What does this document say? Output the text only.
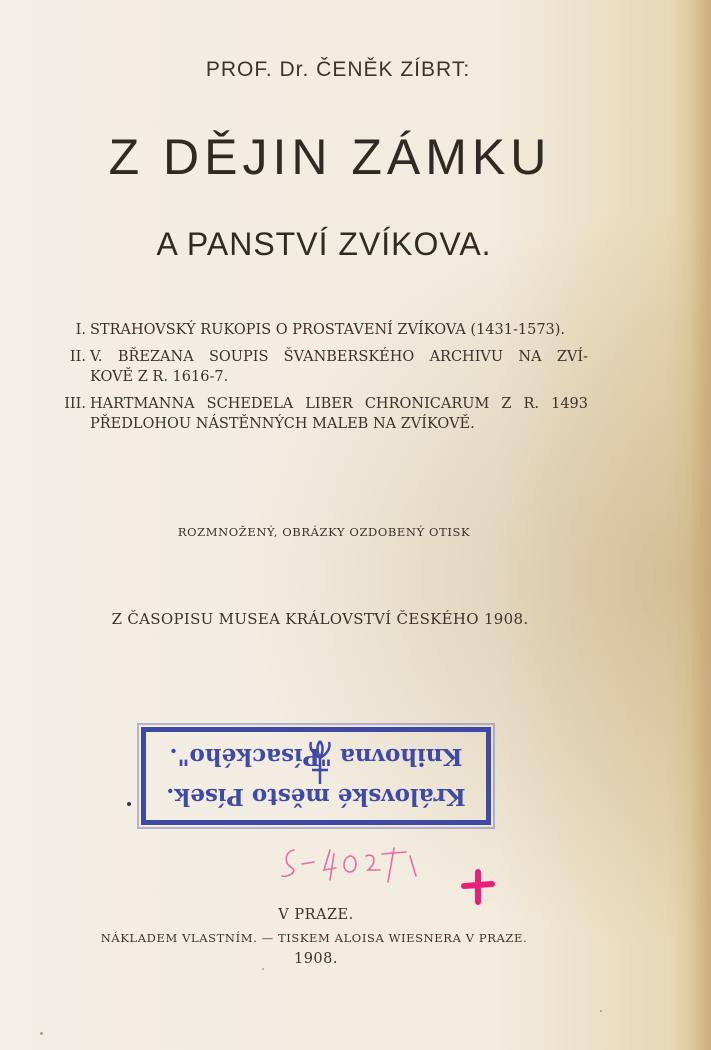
PROF. Dr. ČENĚK ZÍBRT:
Z DĚJIN ZÁMKU
A PANSTVÍ ZVÍKOVA.
I. STRAHOVSKÝ RUKOPIS O PROSTAVENÍ ZVÍKOVA (1431-1573).
II. V. BŘEZANA SOUPIS ŠVANBERSKÉHO ARCHIVU NA ZVÍ-
KOVĚ Z R. 1616-7.
III. HARTMANNA SCHEDELA LIBER CHRONICARUM Z R. 1493
PŘEDLOHOU NÁSTĚNNÝCH MALEB NA ZVÍKOVĚ.
ROZMNOŽENÝ, OBRÁZKY OZDOBENÝ OTISK
Z ČASOPISU MUSEA KRÁLOVSTVÍ ČESKÉHO 1908.
Královské město Písek.
Knihovna "Písackého".
V PRAZE.
NÁKLADEM VLASTNÍM. — TISKEM ALOISA WIESNERA V PRAZE.
1908.
